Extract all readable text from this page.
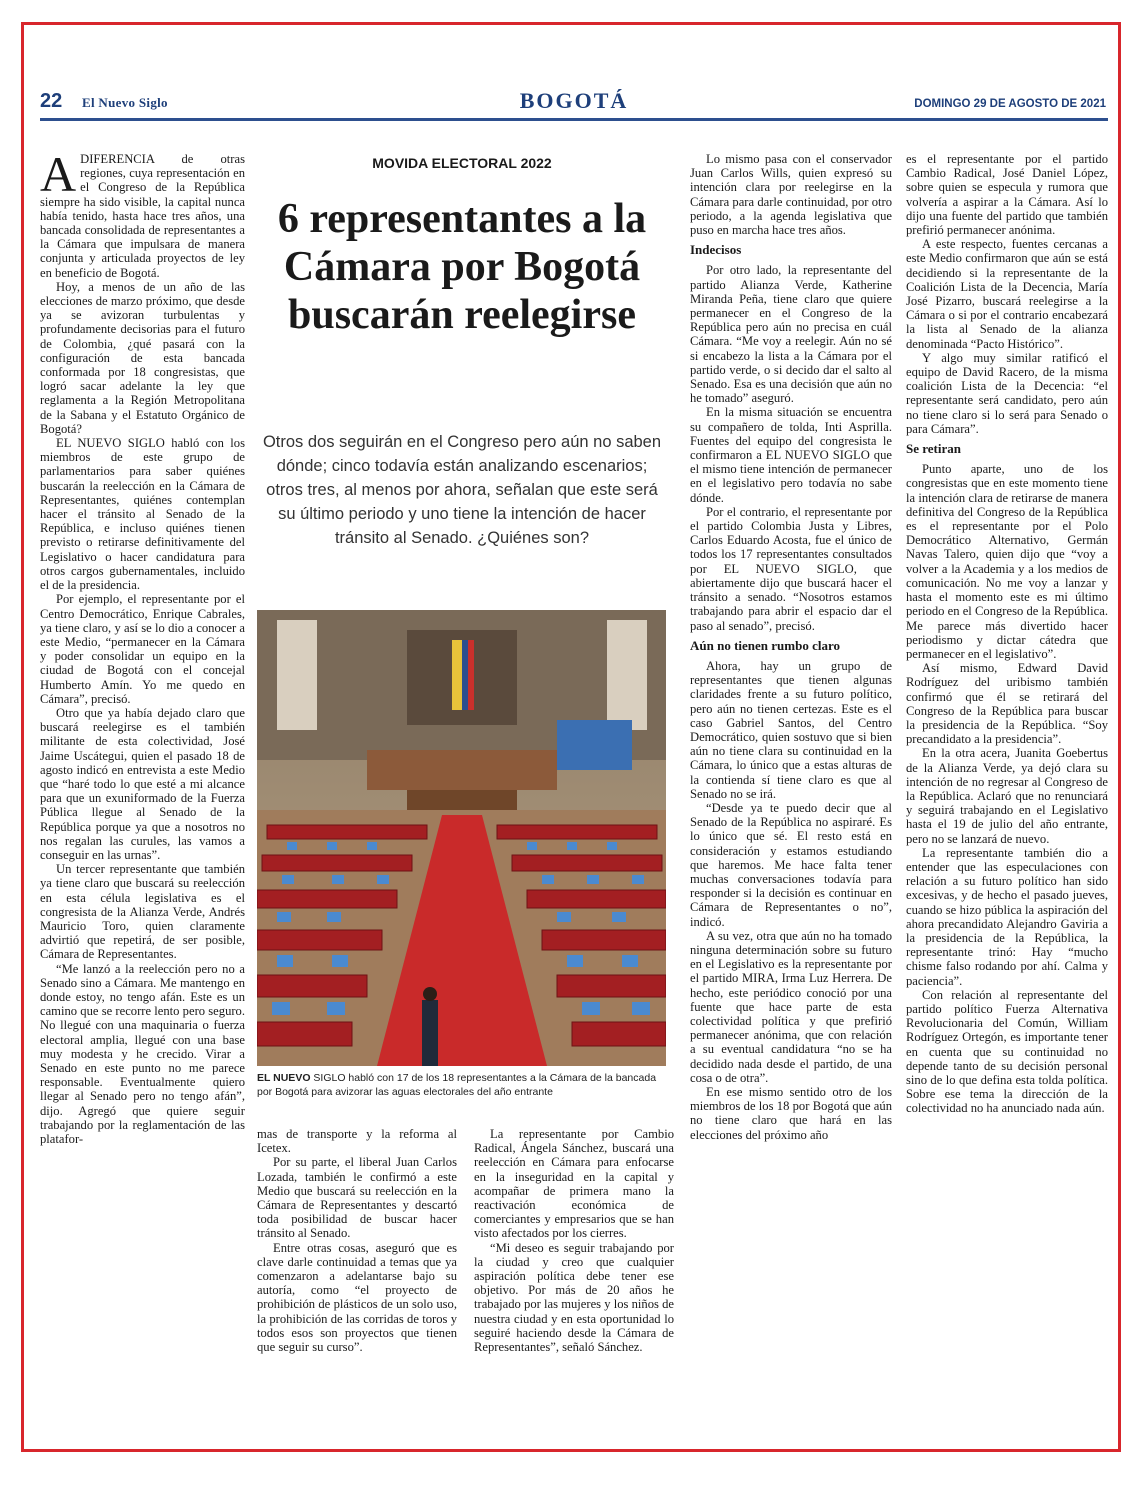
22 El Nuevo Siglo	BOGOTÁ	DOMINGO 29 DE AGOSTO DE 2021

ADIFERENCIA de otras regiones, cuya representación en el Congreso de la República siempre ha sido visible, la capital nunca había tenido, hasta hace tres años, una bancada consolidada de representantes a la Cámara que impulsara de manera conjunta y articulada proyectos de ley en beneficio de Bogotá.

Hoy, a menos de un año de las elecciones de marzo próximo, que desde ya se avizoran turbulentas y profundamente decisorias para el futuro de Colombia, ¿qué pasará con la configuración de esta bancada conformada por 18 congresistas, que logró sacar adelante la ley que reglamenta a la Región Metropolitana de la Sabana y el Estatuto Orgánico de Bogotá?

EL NUEVO SIGLO habló con los miembros de este grupo de parlamentarios para saber quiénes buscarán la reelección en la Cámara de Representantes, quiénes contemplan hacer el tránsito al Senado de la República, e incluso quiénes tienen previsto o retirarse definitivamente del Legislativo o hacer candidatura para otros cargos gubernamentales, incluido el de la presidencia.

Por ejemplo, el representante por el Centro Democrático, Enrique Cabrales, ya tiene claro, y así se lo dio a conocer a este Medio, “permanecer en la Cámara y poder consolidar un equipo en la ciudad de Bogotá con el concejal Humberto Amín. Yo me quedo en Cámara”, precisó.

Otro que ya había dejado claro que buscará reelegirse es el también militante de esta colectividad, José Jaime Uscátegui, quien el pasado 18 de agosto indicó en entrevista a este Medio que “haré todo lo que esté a mi alcance para que un exuniformado de la Fuerza Pública llegue al Senado de la República porque ya que a nosotros no nos regalan las curules, las vamos a conseguir en las urnas”.

Un tercer representante que también ya tiene claro que buscará su reelección en esta célula legislativa es el congresista de la Alianza Verde, Andrés Mauricio Toro, quien claramente advirtió que repetirá, de ser posible, Cámara de Representantes.

“Me lanzó a la reelección pero no a Senado sino a Cámara. Me mantengo en donde estoy, no tengo afán. Este es un camino que se recorre lento pero seguro. No llegué con una maquinaria o fuerza electoral amplia, llegué con una base muy modesta y he crecido. Virar a Senado en este punto no me parece responsable. Eventualmente quiero llegar al Senado pero no tengo afán”, dijo. Agregó que quiere seguir trabajando por la reglamentación de las platafor-

MOVIDA ELECTORAL 2022
6 representantes a la Cámara por Bogotá buscarán reelegirse
Otros dos seguirán en el Congreso pero aún no saben dónde; cinco todavía están analizando escenarios; otros tres, al menos por ahora, señalan que este será su último periodo y uno tiene la intención de hacer tránsito al Senado. ¿Quiénes son?
EL NUEVO SIGLO habló con 17 de los 18 representantes a la Cámara de la bancada por Bogotá para avizorar las aguas electorales del año entrante

mas de transporte y la reforma al Icetex.

Por su parte, el liberal Juan Carlos Lozada, también le confirmó a este Medio que buscará su reelección en la Cámara de Representantes y descartó toda posibilidad de buscar hacer tránsito al Senado.

Entre otras cosas, aseguró que es clave darle continuidad a temas que ya comenzaron a adelantarse bajo su autoría, como “el proyecto de prohibición de plásticos de un solo uso, la prohibición de las corridas de toros y todos esos son proyectos que tienen que seguir su curso”.

La representante por Cambio Radical, Ángela Sánchez, buscará una reelección en Cámara para enfocarse en la inseguridad en la capital y acompañar de primera mano la reactivación económica de comerciantes y empresarios que se han visto afectados por los cierres.

“Mi deseo es seguir trabajando por la ciudad y creo que cualquier aspiración política debe tener ese objetivo. Por más de 20 años he trabajado por las mujeres y los niños de nuestra ciudad y en esta oportunidad lo seguiré haciendo desde la Cámara de Representantes”, señaló Sánchez.

Lo mismo pasa con el conservador Juan Carlos Wills, quien expresó su intención clara por reelegirse en la Cámara para darle continuidad, por otro periodo, a la agenda legislativa que puso en marcha hace tres años.

Indecisos

Por otro lado, la representante del partido Alianza Verde, Katherine Miranda Peña, tiene claro que quiere permanecer en el Congreso de la República pero aún no precisa en cuál Cámara. “Me voy a reelegir. Aún no sé si encabezo la lista a la Cámara por el partido verde, o si decido dar el salto al Senado. Esa es una decisión que aún no he tomado” aseguró.

En la misma situación se encuentra su compañero de tolda, Inti Asprilla. Fuentes del equipo del congresista le confirmaron a EL NUEVO SIGLO que el mismo tiene intención de permanecer en el legislativo pero todavía no sabe dónde.

Por el contrario, el representante por el partido Colombia Justa y Libres, Carlos Eduardo Acosta, fue el único de todos los 17 representantes consultados por EL NUEVO SIGLO, que abiertamente dijo que buscará hacer el tránsito a senado. “Nosotros estamos trabajando para abrir el espacio dar el paso al senado”, precisó.

Aún no tienen rumbo claro

Ahora, hay un grupo de representantes que tienen algunas claridades frente a su futuro político, pero aún no tienen certezas. Este es el caso Gabriel Santos, del Centro Democrático, quien sostuvo que si bien aún no tiene clara su continuidad en la Cámara, lo único que a estas alturas de la contienda sí tiene claro es que al Senado no se irá.

“Desde ya te puedo decir que al Senado de la República no aspiraré. Es lo único que sé. El resto está en consideración y estamos estudiando que haremos. Me hace falta tener muchas conversaciones todavía para responder si la decisión es continuar en Cámara de Representantes o no”, indicó.

A su vez, otra que aún no ha tomado ninguna determinación sobre su futuro en el Legislativo es la representante por el partido MIRA, Irma Luz Herrera. De hecho, este periódico conoció por una fuente que hace parte de esta colectividad política y que prefirió permanecer anónima, que con relación a su eventual candidatura “no se ha decidido nada desde el partido, de una cosa o de otra”.

En ese mismo sentido otro de los miembros de los 18 por Bogotá que aún no tiene claro que hará en las elecciones del próximo año

es el representante por el partido Cambio Radical, José Daniel López, sobre quien se especula y rumora que volvería a aspirar a la Cámara. Así lo dijo una fuente del partido que también prefirió permanecer anónima.

A este respecto, fuentes cercanas a este Medio confirmaron que aún se está decidiendo si la representante de la Coalición Lista de la Decencia, María José Pizarro, buscará reelegirse a la Cámara o si por el contrario encabezará la lista al Senado de la alianza denominada “Pacto Histórico”.

Y algo muy similar ratificó el equipo de David Racero, de la misma coalición Lista de la Decencia: “el representante será candidato, pero aún no tiene claro si lo será para Senado o para Cámara”.

Se retiran

Punto aparte, uno de los congresistas que en este momento tiene la intención clara de retirarse de manera definitiva del Congreso de la República es el representante por el Polo Democrático Alternativo, Germán Navas Talero, quien dijo que “voy a volver a la Academia y a los medios de comunicación. No me voy a lanzar y hasta el momento este es mi último periodo en el Congreso de la República. Me parece más divertido hacer periodismo y dictar cátedra que permanecer en el legislativo”.

Así mismo, Edward David Rodríguez del uribismo también confirmó que él se retirará del Congreso de la República para buscar la presidencia de la República. “Soy precandidato a la presidencia”.

En la otra acera, Juanita Goebertus de la Alianza Verde, ya dejó clara su intención de no regresar al Congreso de la República. Aclaró que no renunciará y seguirá trabajando en el Legislativo hasta el 19 de julio del año entrante, pero no se lanzará de nuevo.

La representante también dio a entender que las especulaciones con relación a su futuro político han sido excesivas, y de hecho el pasado jueves, cuando se hizo pública la aspiración del ahora precandidato Alejandro Gaviria a la presidencia de la República, la representante trinó: Hay “mucho chisme falso rodando por ahí. Calma y paciencia”.

Con relación al representante del partido político Fuerza Alternativa Revolucionaria del Común, William Rodríguez Ortegón, es importante tener en cuenta que su continuidad no depende tanto de su decisión personal sino de lo que defina esta tolda política. Sobre ese tema la dirección de la colectividad no ha anunciado nada aún.
